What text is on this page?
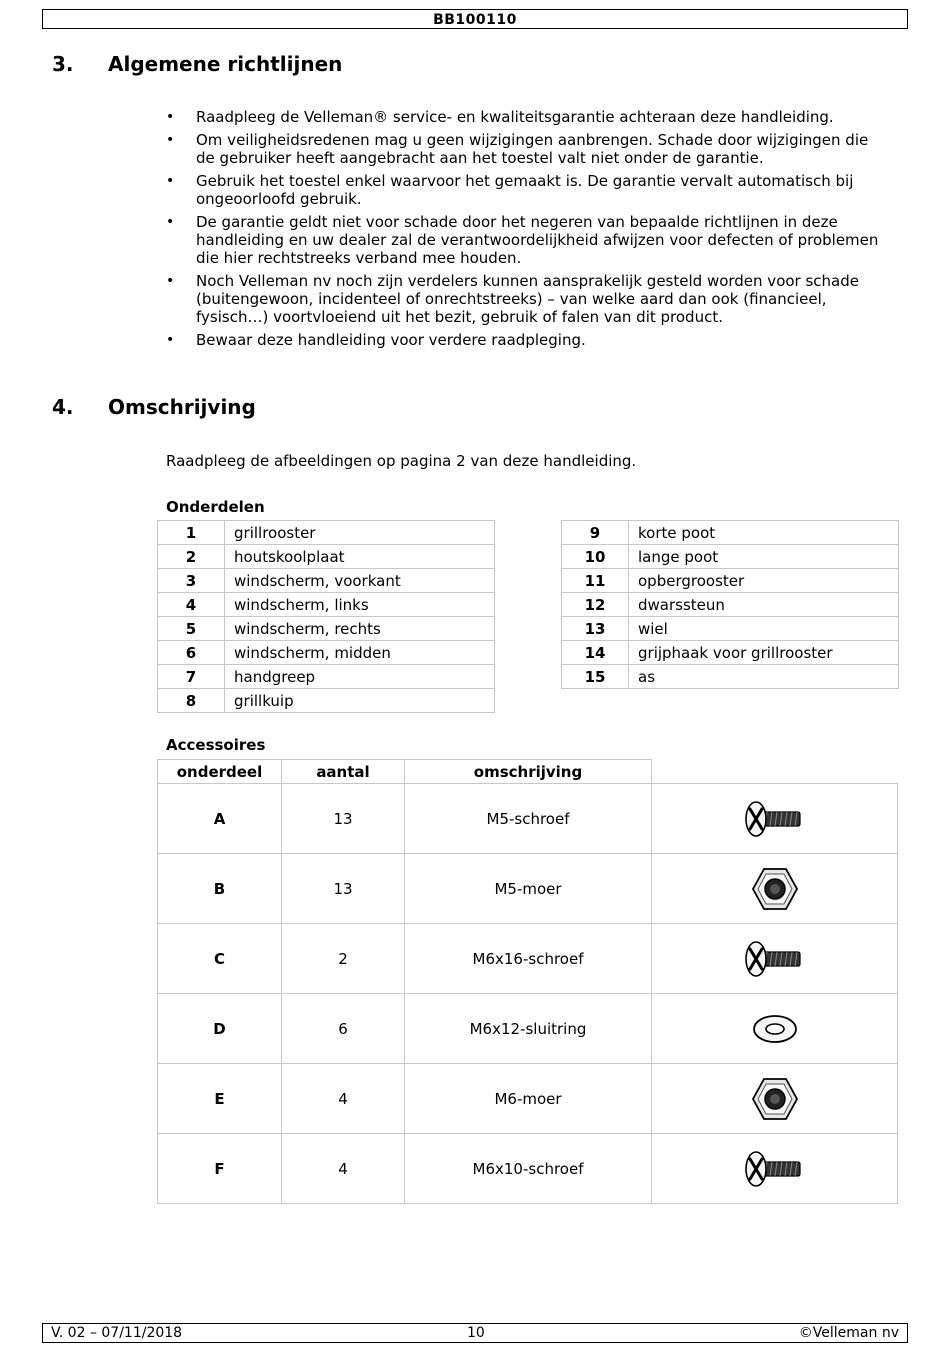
BB100110
3. Algemene richtlijnen
• Raadpleeg de Velleman® service- en kwaliteitsgarantie achteraan deze handleiding.
• Om veiligheidsredenen mag u geen wijzigingen aanbrengen. Schade door wijzigingen die de gebruiker heeft aangebracht aan het toestel valt niet onder de garantie.
• Gebruik het toestel enkel waarvoor het gemaakt is. De garantie vervalt automatisch bij ongeoorloofd gebruik.
• De garantie geldt niet voor schade door het negeren van bepaalde richtlijnen in deze handleiding en uw dealer zal de verantwoordelijkheid afwijzen voor defecten of problemen die hier rechtstreeks verband mee houden.
• Noch Velleman nv noch zijn verdelers kunnen aansprakelijk gesteld worden voor schade (buitengewoon, incidenteel of onrechtstreeks) – van welke aard dan ook (financieel, fysisch…) voortvloeiend uit het bezit, gebruik of falen van dit product.
• Bewaar deze handleiding voor verdere raadpleging.
4. Omschrijving
Raadpleeg de afbeeldingen op pagina 2 van deze handleiding.
Onderdelen
1	grillrooster
2	houtskoolplaat
3	windscherm, voorkant
4	windscherm, links
5	windscherm, rechts
6	windscherm, midden
7	handgreep
8	grillkuip
9	korte poot
10	lange poot
11	opbergrooster
12	dwarssteun
13	wiel
14	grijphaak voor grillrooster
15	as
Accessoires
onderdeel	aantal	omschrijving	
A	13	M5-schroef	

B	13	M5-moer	

C	2	M6x16-schroef	

D	6	M6x12-sluitring	

E	4	M6-moer	

F	4	M6x10-schroef	
V. 02 – 07/11/2018	10	©Velleman nv
